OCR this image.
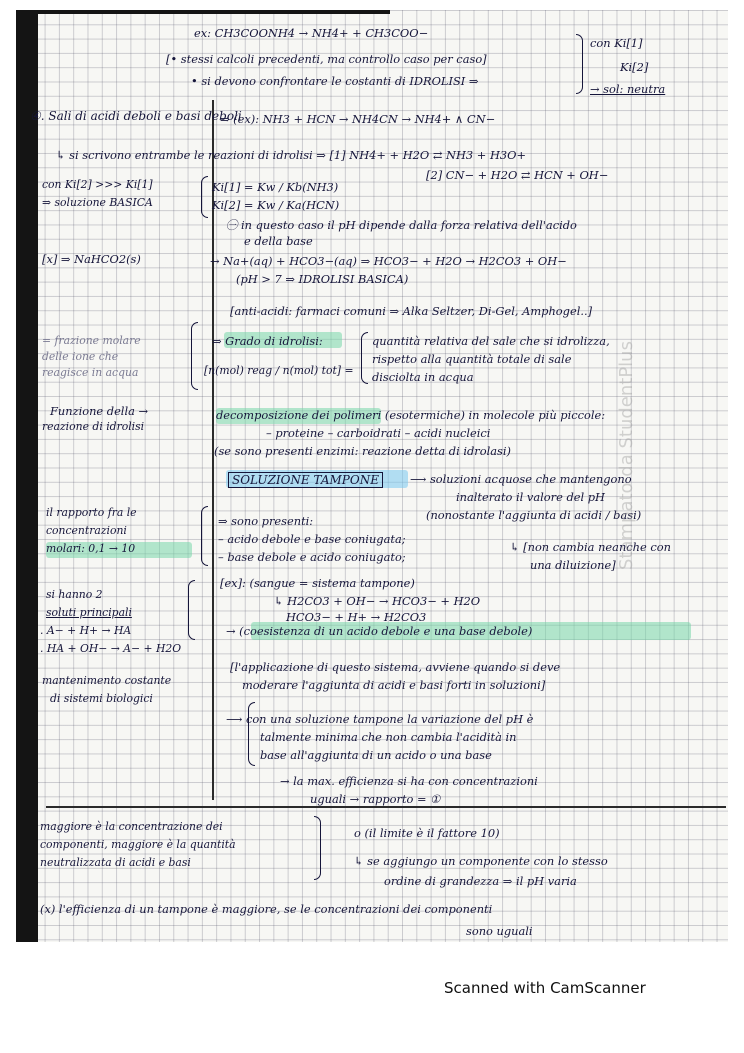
ex: CH3COONH4 → NH4+ + CH3COO−
[• stessi calcoli precedenti, ma controllo caso per caso]
• si devono confrontare le costanti di IDROLISI ⇒
con Ki[1]
Ki[2]
→ sol: neutra
④. Sali di acidi deboli e basi deboli
⇒ (ex): NH3 + HCN → NH4CN → NH4+ ∧ CN−
↳ si scrivono entrambe le reazioni di idrolisi ⇒ [1] NH4+ + H2O ⇄ NH3 + H3O+
[2] CN− + H2O ⇄ HCN + OH−
con Ki[2] >>> Ki[1]
⇒ soluzione BASICA
Ki[1] = Kw / Kb(NH3)
Ki[2] = Kw / Ka(HCN)
㊀ in questo caso il pH dipende dalla forza relativa dell'acido
e della base
[x] ⇒ NaHCO2(s)	→ Na+(aq) + HCO3−(aq) ⇒ HCO3− + H2O → H2CO3 + OH−
(pH > 7 ⇒ IDROLISI BASICA)
[anti-acidi: farmaci comuni ⇒ Alka Seltzer, Di-Gel, Amphogel..]
= frazione molare
delle ione che
reagisce in acqua
⇒ Grado di idrolisi:
[n(mol) reag / n(mol) tot] =
quantità relativa del sale che si idrolizza,
rispetto alla quantità totale di sale
disciolta in acqua
Funzione della →
reazione di idrolisi
decomposizione dei polimeri (esotermiche) in molecole più piccole:
– proteine – carboidrati – acidi nucleici
(se sono presenti enzimi: reazione detta di idrolasi)
SOLUZIONE TAMPONE	⟶ soluzioni acquose che mantengono
inalterato il valore del pH
(nonostante l'aggiunta di acidi / basi)
il rapporto fra le
concentrazioni
molari: 0,1 → 10
⇒ sono presenti:
– acido debole e base coniugata;
– base debole e acido coniugato;
↳ [non cambia neanche con
una diluizione]
si hanno 2
soluti principali
. A− + H+ → HA
. HA + OH− → A− + H2O
mantenimento costante
di sistemi biologici
[ex]: (sangue = sistema tampone)
↳ H2CO3 + OH− → HCO3− + H2O
HCO3− + H+ → H2CO3
→ (coesistenza di un acido debole e una base debole)
[l'applicazione di questo sistema, avviene quando si deve
moderare l'aggiunta di acidi e basi forti in soluzioni]
⟶ con una soluzione tampone la variazione del pH è
talmente minima che non cambia l'acidità in
base all'aggiunta di un acido o una base
→ la max. efficienza si ha con concentrazioni
uguali → rapporto = ①
maggiore è la concentrazione dei
componenti, maggiore è la quantità
neutralizzata di acidi e basi
o (il limite è il fattore 10)
↳ se aggiungo un componente con lo stesso
ordine di grandezza ⇒ il pH varia
(x) l'efficienza di un tampone è maggiore, se le concentrazioni dei componenti
sono uguali
Stampato da StudentPlus
Scanned with CamScanner
